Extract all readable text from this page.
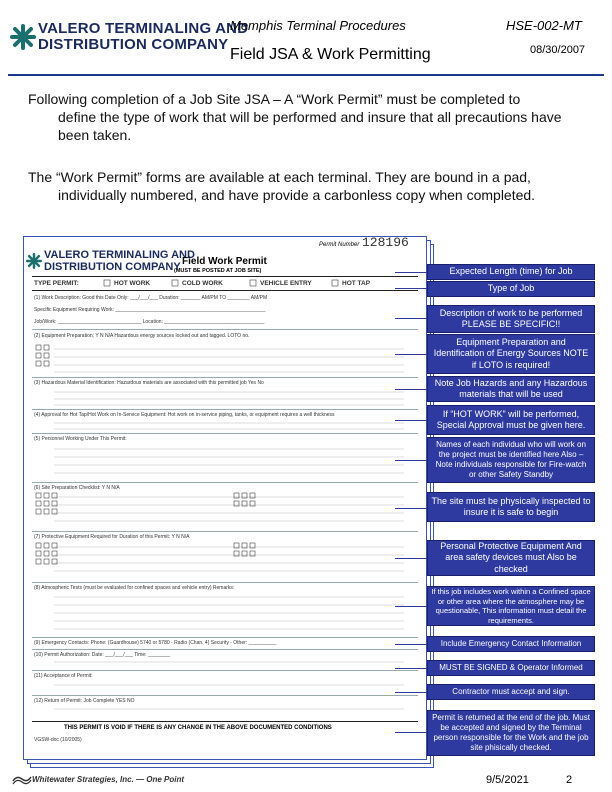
VALERO TERMINALING AND
DISTRIBUTION COMPANY
Memphis Terminal Procedures	HSE-002-MT
Field JSA & Work Permitting	08/30/2007
Following completion of a Job Site JSA – A “Work Permit” must be completed to
define the type of work that will be performed and insure that all precautions have been taken.
The “Work Permit” forms are available at each terminal. They are bound in a pad,
individually numbered, and have provide a carbonless copy when completed.
VALERO TERMINALING AND
DISTRIBUTION COMPANY Field Work Permit
Permit Number 128196
(MUST BE POSTED AT JOB SITE)
TYPE PERMIT:	HOT WORK	COLD WORK	VEHICLE ENTRY	HOT TAP
(1) Work Description: Good this Date Only: ___/___/___ Duration: _______ AM/PM TO ________ AM/PM
Specific Equipment Requiring Work: ______________________________________________________
Job/Work: ______________________________ Location: ____________________________________
(2) Equipment Preparation: Y N N/A Hazardous energy sources locked out and tagged. LOTO no.
(3) Hazardous Material Identification: Hazardous materials are associated with this permitted job Yes No
(4) Approval for Hot Tap/Hot Work on In-Service Equipment: Hot work on in-service piping, tanks, or equipment requires a well thickness
(5) Personnel Working Under This Permit:
(6) Site Preparation Checklist: Y N N/A
(7) Protective Equipment Required for Duration of this Permit: Y N N/A
(8) Atmospheric Tests (must be evaluated for confined spaces and vehicle entry) Remarks:
(9) Emergency Contacts: Phone: (Guardhouse) 5740 or 5780 - Radio (Chan. 4) Security - Other: __________
(10) Permit Authorization: Date: ___/___/___ Time: ________
(11) Acceptance of Permit:
(12) Return of Permit: Job Complete YES NO
THIS PERMIT IS VOID IF THERE IS ANY CHANGE IN THE ABOVE DOCUMENTED CONDITIONS
VGSW-doc (10/2005)
Expected Length (time) for Job
Type of Job
Description of work to be performed PLEASE BE SPECIFIC!!
Equipment Preparation and Identification of Energy Sources NOTE if LOTO is required!
Note Job Hazards and any Hazardous materials that will be used
If “HOT WORK” will be performed, Special Approval must be given here.
Names of each individual who will work on the project must be identified here Also – Note individuals responsible for Fire-watch or other Safety Standby
The site must be physically inspected to insure it is safe to begin
Personal Protective Equipment And area safety devices must Also be checked
If this job includes work within a Confined space or other area where the atmosphere may be questionable, This information must detail the requirements.
Include Emergency Contact Information
MUST BE SIGNED & Operator Informed
Contractor must accept and sign.
Permit is returned at the end of the job. Must be accepted and signed by the Terminal person responsible for the Work and the job site phisically checked.
Whitewater Strategies, Inc. — One Point	9/5/2021	2
